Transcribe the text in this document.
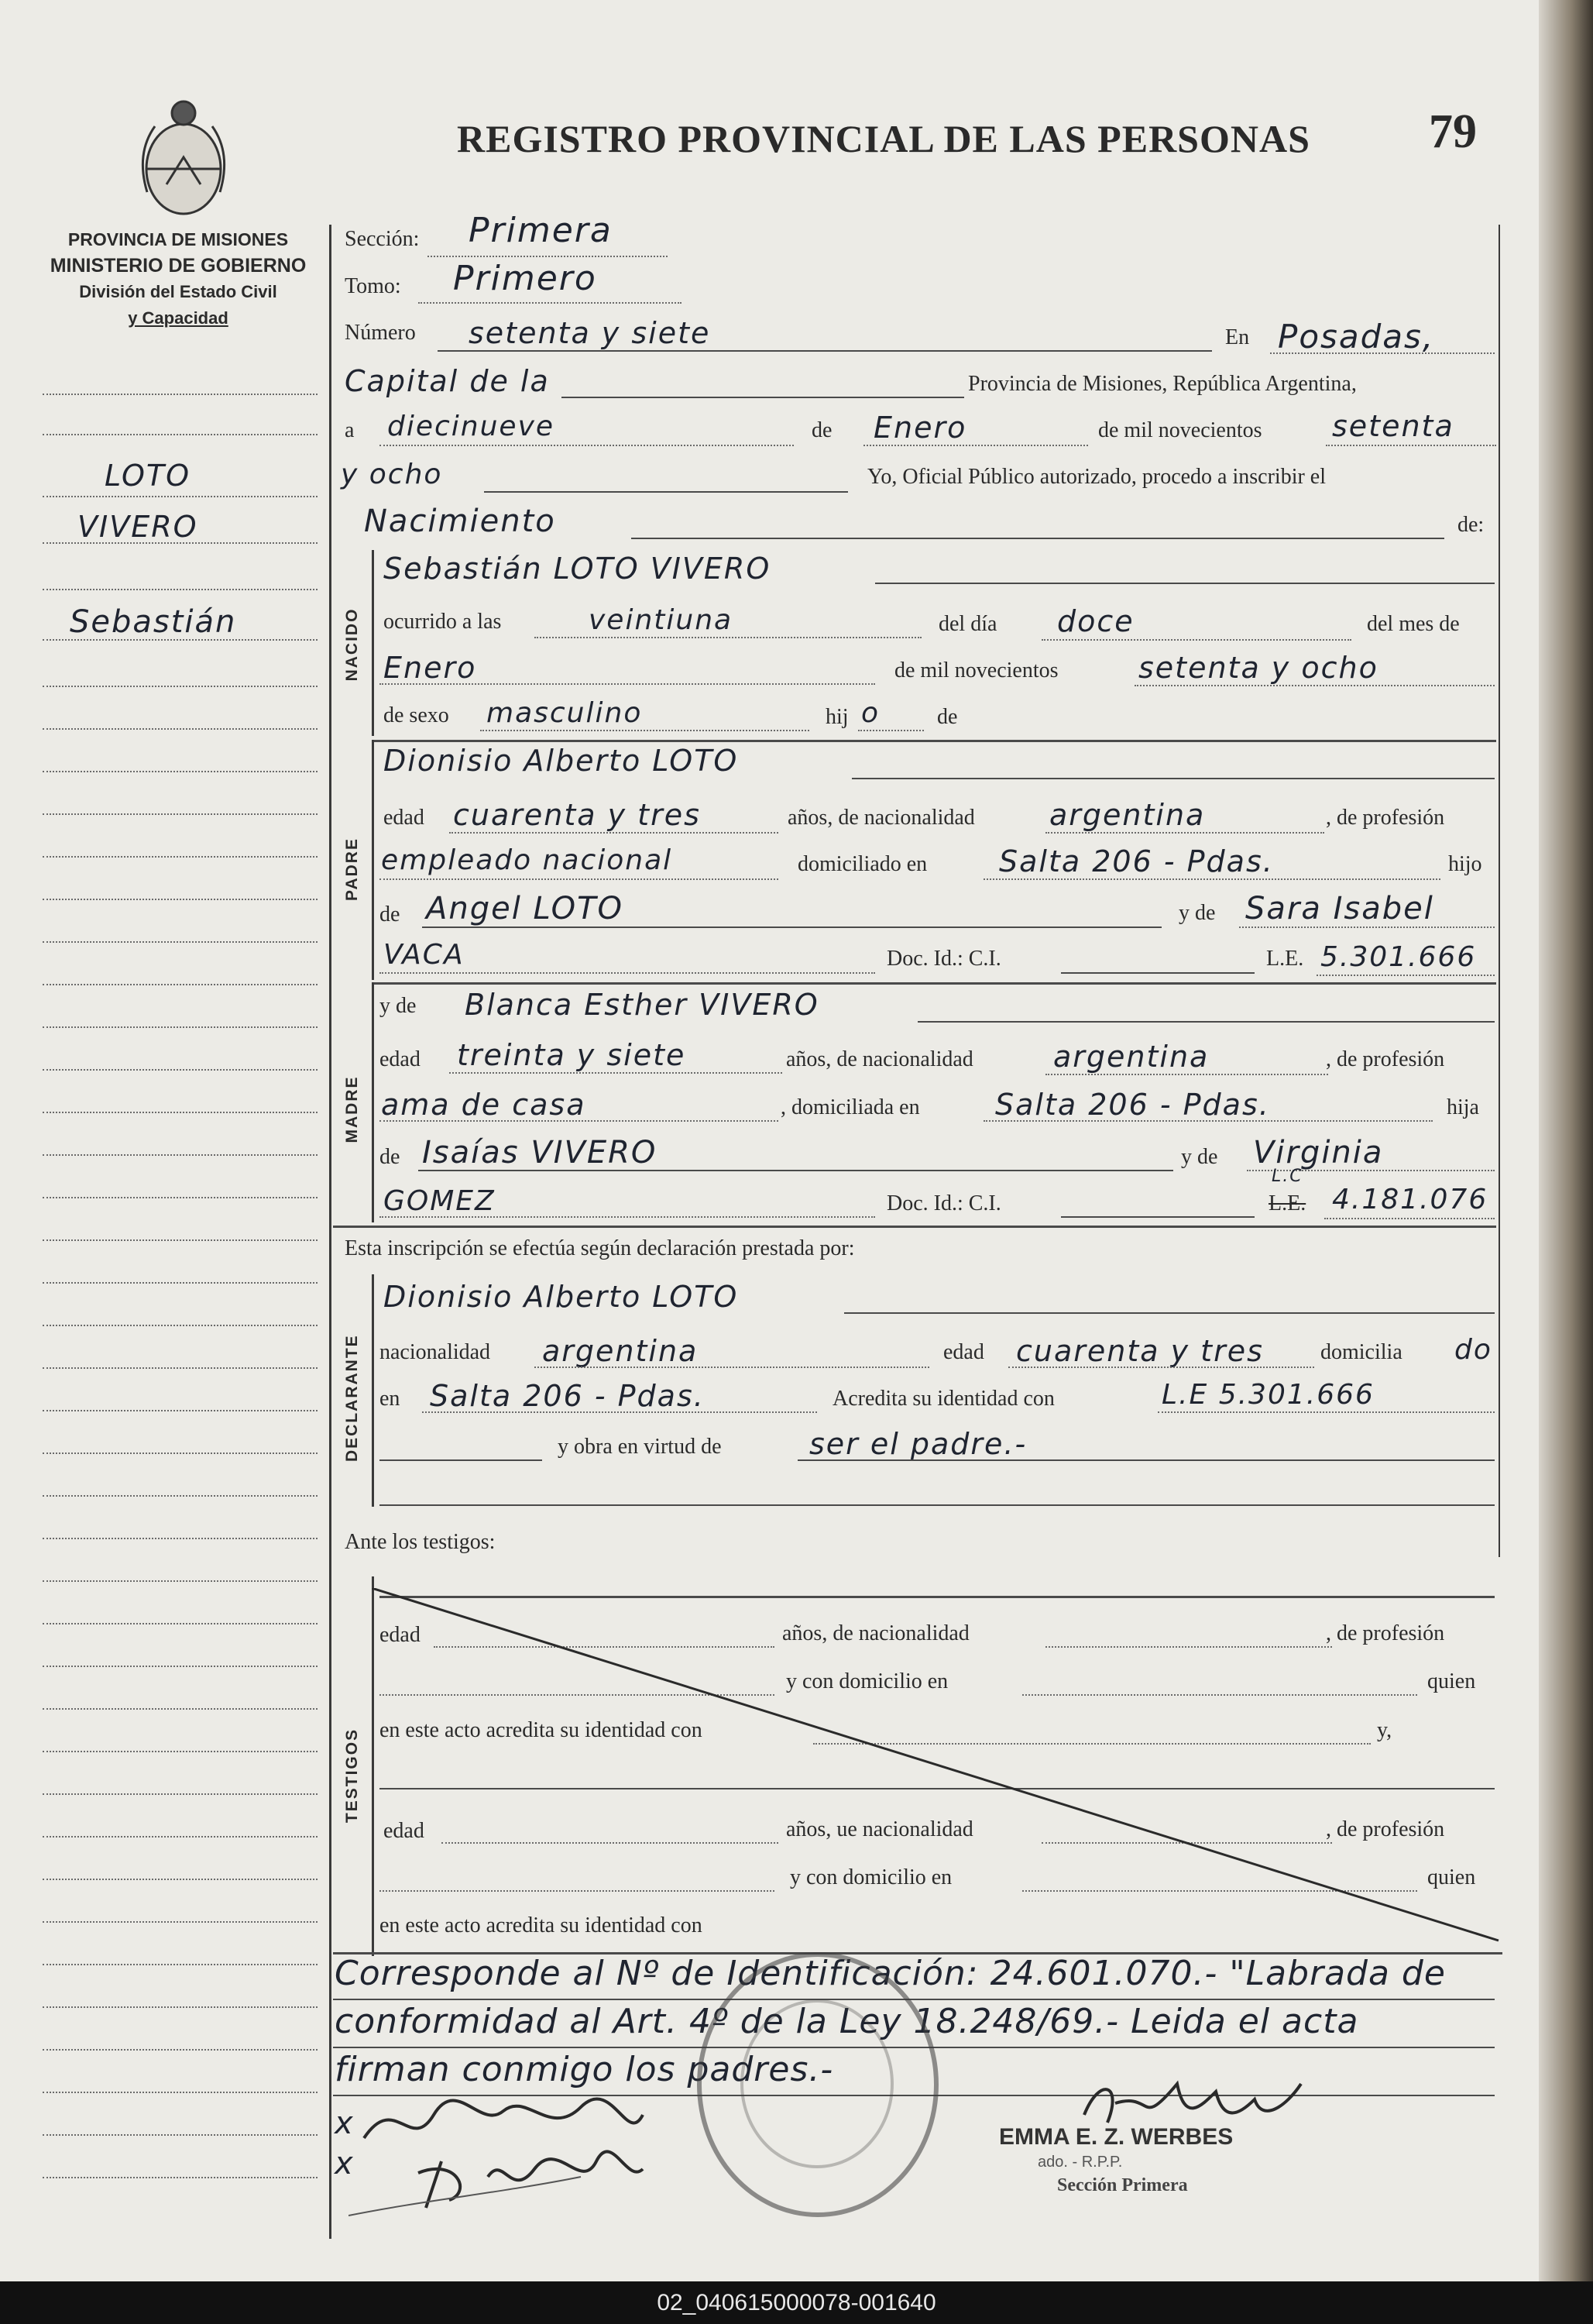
REGISTRO PROVINCIAL DE LAS PERSONAS 79
PROVINCIA DE MISIONES
MINISTERIO DE GOBIERNO
División del Estado Civil
y Capacidad
LOTO
VIVERO
Sebastián
Sección: Primera
Tomo: Primero
Número setenta y siete	En Posadas,
Capital de la	Provincia de Misiones, República Argentina,
a diecinueve	de Enero	de mil novecientos setenta
y ocho	Yo, Oficial Público autorizado, procedo a inscribir el
Nacimiento	de:
NACIDO
Sebastián LOTO VIVERO
ocurrido a las	veintiuna	del día doce	del mes de
Enero	de mil novecientos	setenta y ocho
de sexo masculino	hij o	de
PADRE
Dionisio Alberto LOTO
edad cuarenta y tres	años, de nacionalidad	argentina	, de profesión
empleado nacional	domiciliado en Salta 206 - Pdas.	hijo
de Angel LOTO	y de Sara Isabel
VACA	Doc. Id.: C.I.	L.E. 5.301.666
MADRE
y de Blanca Esther VIVERO
edad treinta y siete	años, de nacionalidad	argentina	, de profesión
ama de casa	, domiciliada en	Salta 206 - Pdas.	hija
de Isaías VIVERO	y de Virginia
GOMEZ	Doc. Id.: C.I.
L.C
L.E. 4.181.076
Esta inscripción se efectúa según declaración prestada por:
DECLARANTE
Dionisio Alberto LOTO
nacionalidad argentina	edad cuarenta y tres	domicilia do
en Salta 206 - Pdas.	Acredita su identidad con	L.E 5.301.666
y obra en virtud de	ser el padre.-
Ante los testigos:
TESTIGOS
edad	años, de nacionalidad	, de profesión
y con domicilio en	quien
en este acto acredita su identidad con	y,
edad	años, ue nacionalidad	, de profesión
y con domicilio en	quien
en este acto acredita su identidad con
Corresponde al Nº de Identificación: 24.601.070.- "Labrada de
conformidad al Art. 4º de la Ley 18.248/69.- Leida el acta
firman conmigo los padres.-
x
x
EMMA E. Z. WERBES
ado. - R.P.P.
Sección Primera
02_040615000078-001640
